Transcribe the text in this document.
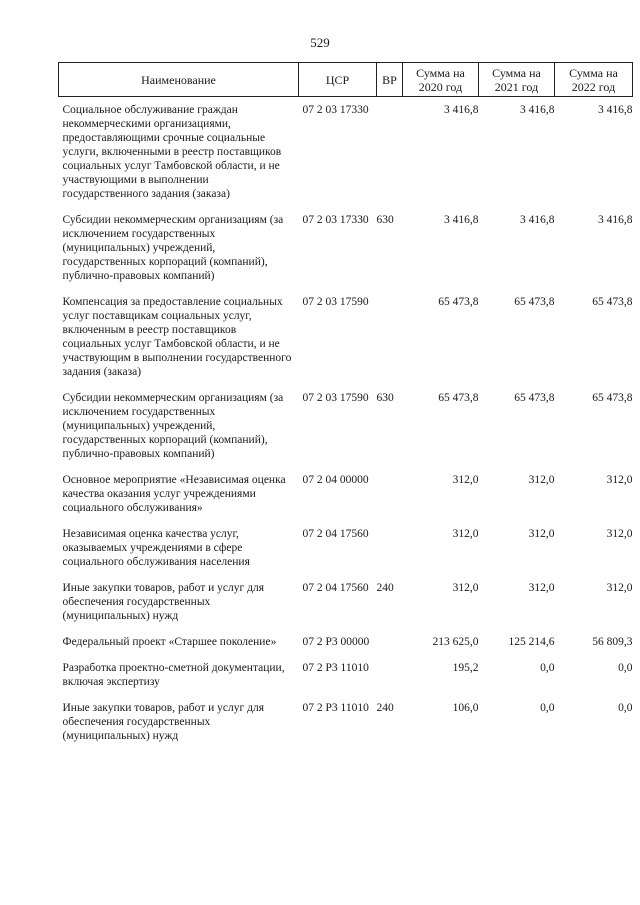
529
Наименование	ЦСР	ВР	Сумма на 2020 год	Сумма на 2021 год	Сумма на 2022 год

Социальное обслуживание граждан некоммерческими организациями, предоставляющими срочные социальные услуги, включенными в реестр поставщиков социальных услуг Тамбовской области, и не участвующими в выполнении государственного задания (заказа)	07 2 03 17330		3 416,8	3 416,8	3 416,8
Субсидии некоммерческим организациям (за исключением государственных (муниципальных) учреждений, государственных корпораций (компаний), публично-правовых компаний)	07 2 03 17330	630	3 416,8	3 416,8	3 416,8
Компенсация за предоставление социальных услуг поставщикам социальных услуг, включенным в реестр поставщиков социальных услуг Тамбовской области, и не участвующим в выполнении государственного задания (заказа)	07 2 03 17590		65 473,8	65 473,8	65 473,8
Субсидии некоммерческим организациям (за исключением государственных (муниципальных) учреждений, государственных корпораций (компаний), публично-правовых компаний)	07 2 03 17590	630	65 473,8	65 473,8	65 473,8
Основное мероприятие «Независимая оценка качества оказания услуг учреждениями социального обслуживания»	07 2 04 00000		312,0	312,0	312,0
Независимая оценка качества услуг, оказываемых учреждениями в сфере социального обслуживания населения	07 2 04 17560		312,0	312,0	312,0
Иные закупки товаров, работ и услуг для обеспечения государственных (муниципальных) нужд	07 2 04 17560	240	312,0	312,0	312,0
Федеральный проект «Старшее поколение»	07 2 P3 00000		213 625,0	125 214,6	56 809,3
Разработка проектно-сметной документации, включая экспертизу	07 2 P3 11010		195,2	0,0	0,0
Иные закупки товаров, работ и услуг для обеспечения государственных (муниципальных) нужд	07 2 P3 11010	240	106,0	0,0	0,0
